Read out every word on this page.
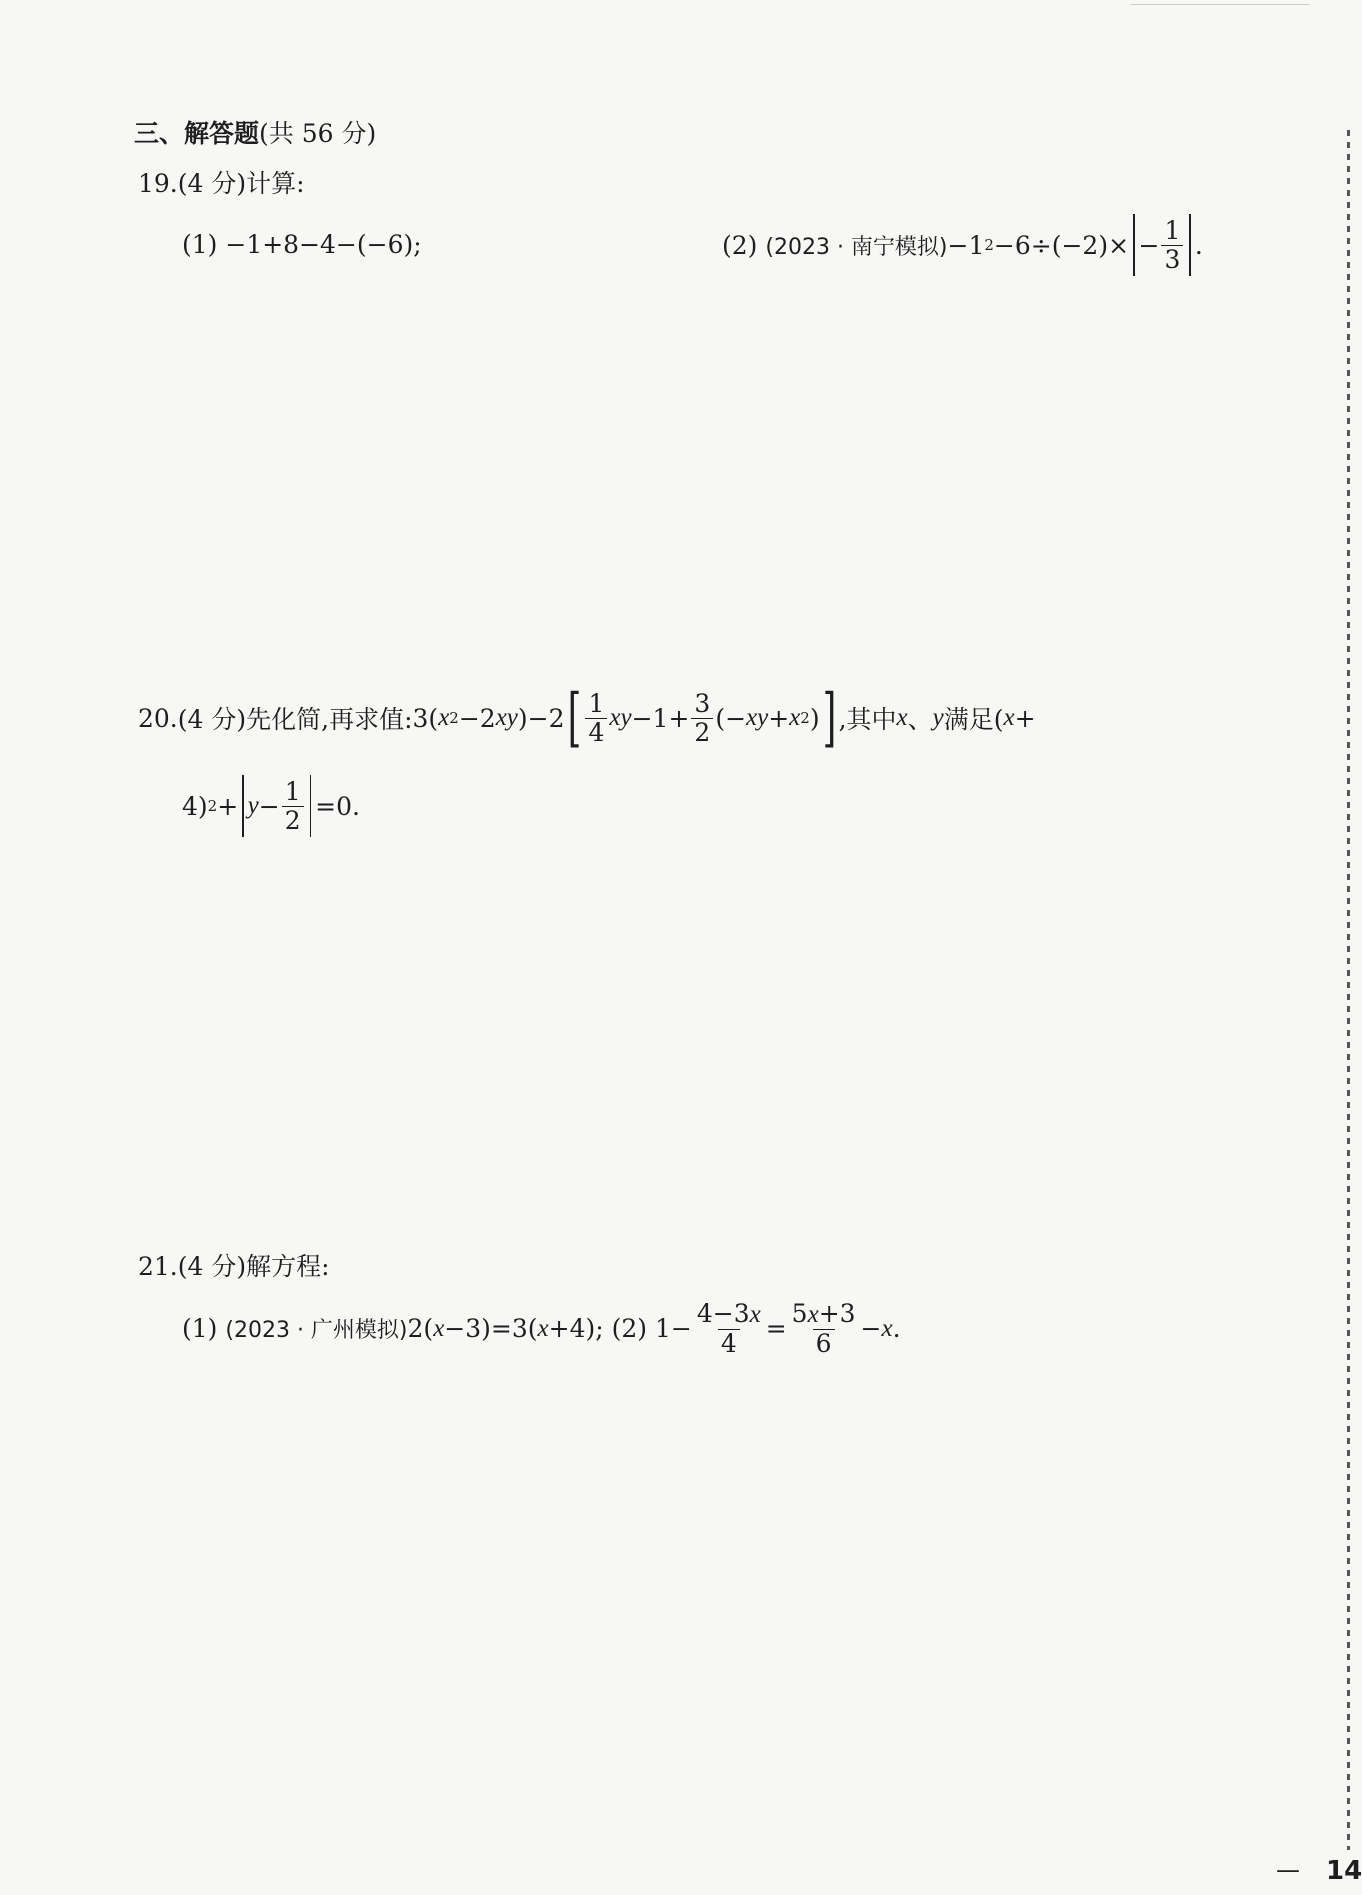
三、解答题(共 56 分)
19.(4 分)计算:
(1)
−1+8−4−(−6);	(2)
(2023 · 南宁模拟) −1 $2 -6\div(-2)\times - \frac{1}{3}$ .
20. (4 分) 先化简,再求值: 3( x 2 −2 xy )−2 [ $\frac{1}{4}$ xy $-1+ \frac{3}{2}$ (− xy + x 2 ) ] ,其中 x 、 y 满足( x +
4) $2 + y - \frac{1}{2} =0$.
21.(4 分)解方程:
(1)
(2023 · 广州模拟) 2( x −3)=3( x +4);
(2)
$1- \frac{4-3x}{4} = \frac{5x+3}{6} - x$ .
— 14
